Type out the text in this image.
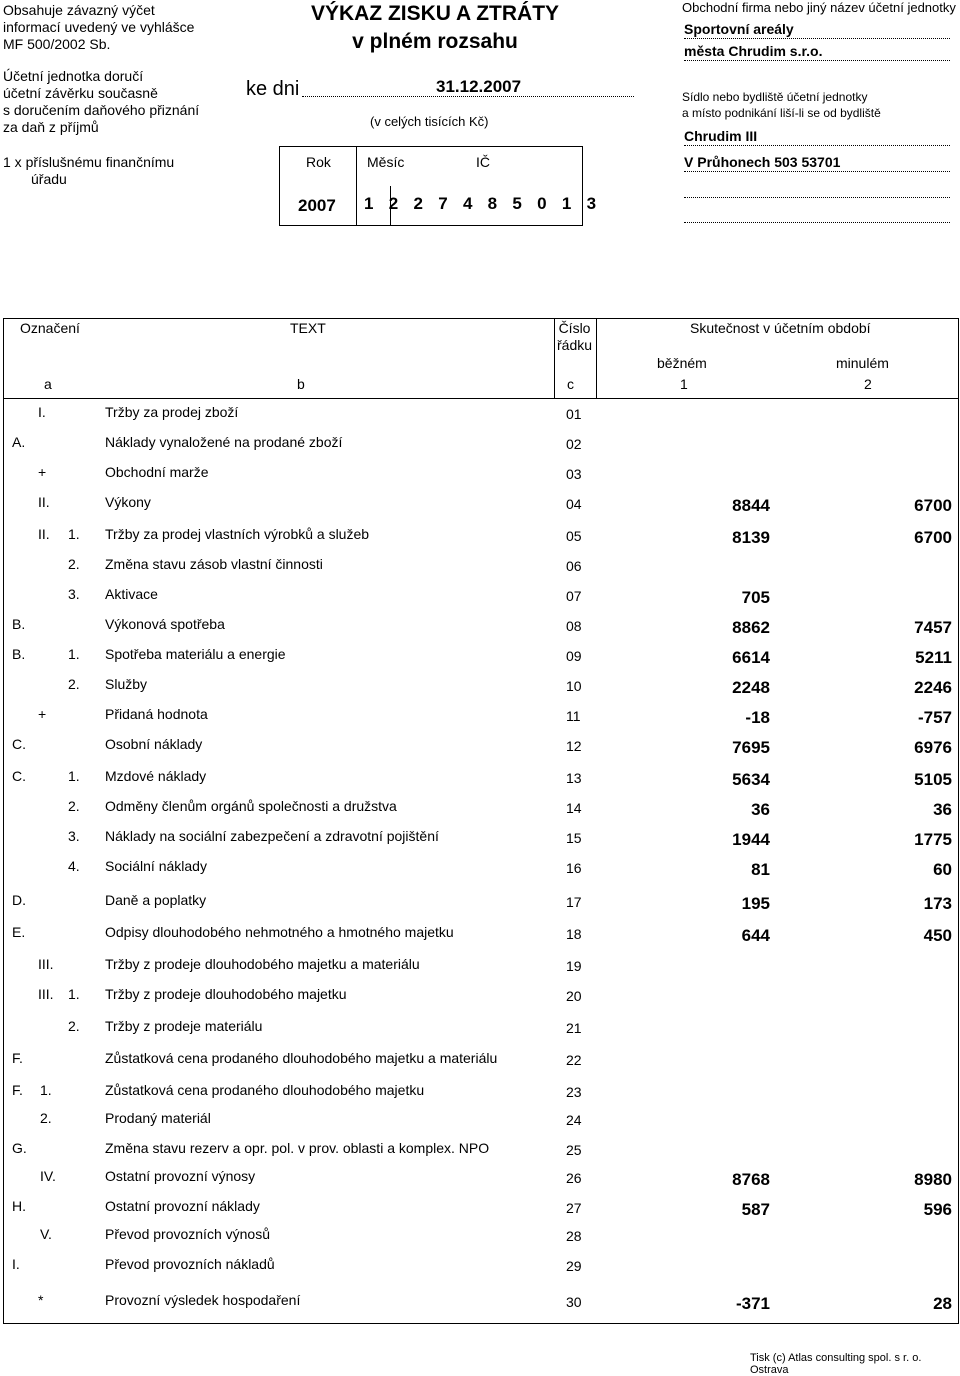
Obsahuje závazný výčet
informací uvedený ve vyhlášce
MF 500/2002 Sb.
Účetní jednotka doručí
účetní závěrku současně
s doručením daňového přiznání
za daň z příjmů
1 x příslušnému finančnímu
úřadu
VÝKAZ ZISKU A ZTRÁTY
v plném rozsahu
ke dni	31.12.2007
(v celých tisících Kč)
Rok	Měsíc	IČ
2007 1 2 2 7 4 8 5 0 1 3
Obchodní firma nebo jiný název účetní jednotky
Sportovní areály
města Chrudim s.r.o.
Sídlo nebo bydliště účetní jednotky
a místo podnikání liší-li se od bydliště
Chrudim III
V Průhonech 503 53701
Označení	TEXT	Číslo
řádku
Skutečnost v účetním období
běžném	minulém
a	b	c	1	2
I.	Tržby za prodej zboží	01
A.	Náklady vynaložené na prodané zboží	02
+	Obchodní marže	03
II.	Výkony	04	8844	6700
II. 1. Tržby za prodej vlastních výrobků a služeb	05	8139	6700
2. Změna stavu zásob vlastní činnosti	06
3. Aktivace	07	705
B.	Výkonová spotřeba	08	8862	7457
B.	1. Spotřeba materiálu a energie	09	6614	5211
2. Služby	10	2248	2246
+	Přidaná hodnota	11	-18	-757
C.	Osobní náklady	12	7695	6976
C.	1. Mzdové náklady	13	5634	5105
2. Odměny členům orgánů společnosti a družstva	14	36	36
3. Náklady na sociální zabezpečení a zdravotní pojištění	15	1944	1775
4. Sociální náklady	16	81	60
D.	Daně a poplatky	17	195	173
E.	Odpisy dlouhodobého nehmotného a hmotného majetku	18	644	450
III.	Tržby z prodeje dlouhodobého majetku a materiálu	19
III. 1. Tržby z prodeje dlouhodobého majetku	20
2. Tržby z prodeje materiálu	21
F.	Zůstatková cena prodaného dlouhodobého majetku a materiálu	22
F. 1.	Zůstatková cena prodaného dlouhodobého majetku	23
2.	Prodaný materiál	24
G.	Změna stavu rezerv a opr. pol. v prov. oblasti a komplex. NPO	25
IV.	Ostatní provozní výnosy	26	8768	8980
H.	Ostatní provozní náklady	27	587	596
V.	Převod provozních výnosů	28
I.	Převod provozních nákladů	29
*	Provozní výsledek hospodaření	30	-371	28
Tisk (c) Atlas consulting spol. s r. o. Ostrava
